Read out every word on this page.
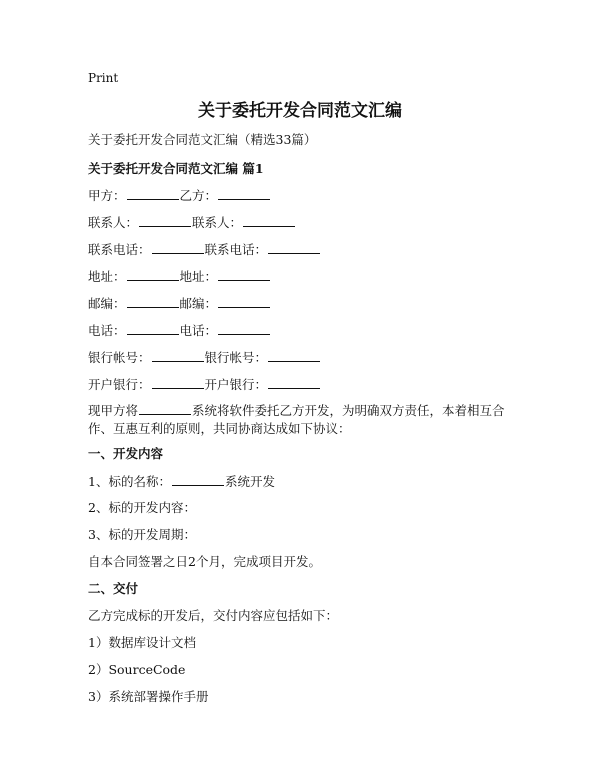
Print
关于委托开发合同范文汇编
关于委托开发合同范文汇编（精选33篇）
关于委托开发合同范文汇编 篇1
甲方：	乙方：
联系人：	联系人：
联系电话：	联系电话：
地址：	地址：
邮编：	邮编：
电话：	电话：
银行帐号：	银行帐号：
开户银行：	开户银行：
现甲方将	系统将软件委托乙方开发，为明确双方责任，本着相互合作、互惠互利的原则，共同协商达成如下协议：
一、开发内容
1、标的名称：	系统开发
2、标的开发内容：
3、标的开发周期：
自本合同签署之日2个月，完成项目开发。
二、交付
乙方完成标的开发后，交付内容应包括如下：
1）数据库设计文档
2）SourceCode
3）系统部署操作手册
